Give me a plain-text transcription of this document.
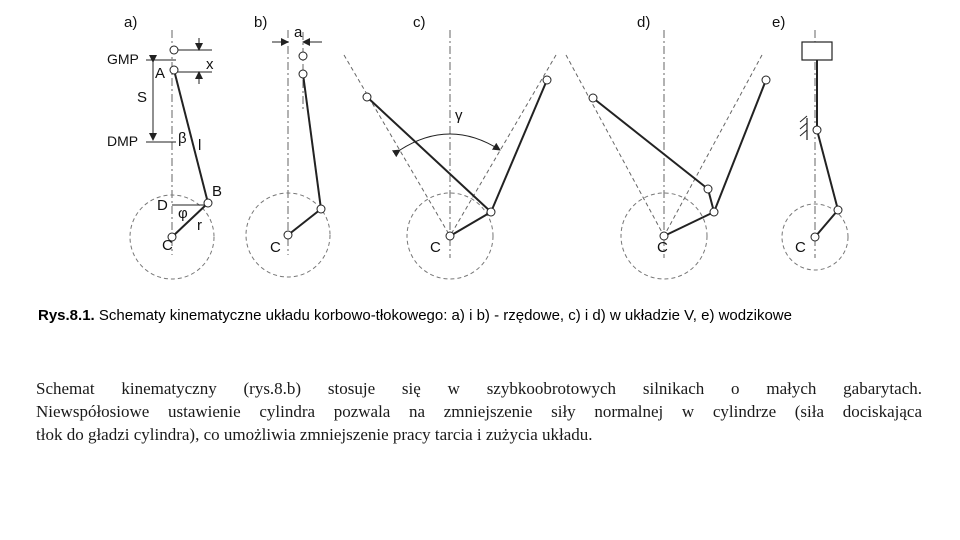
a)
GMP
DMP
A
S
x
β l
B
D φ
r
C
b)
a
C
c)
γ
C
d)
C
e)
C
Rys.8.1. Schematy kinematyczne układu korbowo-tłokowego: a) i b) - rzędowe, c) i d) w układzie V, e) wodzikowe
Schemat kinematyczny (rys.8.b) stosuje się w szybkoobrotowych silnikach o małych gabarytach.
Niewspółosiowe ustawienie cylindra pozwala na zmniejszenie siły normalnej w cylindrze (siła dociskająca
tłok do gładzi cylindra), co umożliwia zmniejszenie pracy tarcia i zużycia układu.
